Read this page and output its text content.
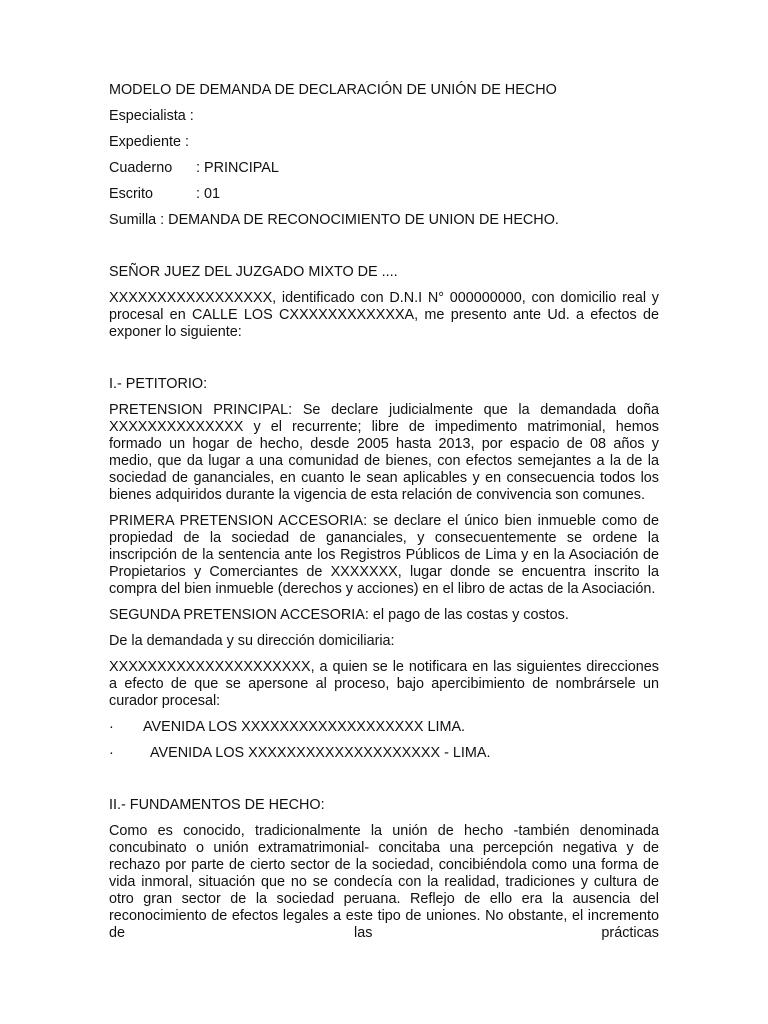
MODELO DE DEMANDA DE DECLARACIÓN DE UNIÓN DE HECHO
Especialista :
Expediente :
Cuaderno	: PRINCIPAL
Escrito	: 01
Sumilla : DEMANDA DE RECONOCIMIENTO DE UNION DE HECHO.
SEÑOR JUEZ DEL JUZGADO MIXTO DE ....

XXXXXXXXXXXXXXXXX, identificado con D.N.I N° 000000000, con domicilio real y procesal en CALLE LOS CXXXXXXXXXXXXA, me presento ante Ud. a efectos de exponer lo siguiente:

I.- PETITORIO:

PRETENSION PRINCIPAL: Se declare judicialmente que la demandada doña XXXXXXXXXXXXXX y el recurrente; libre de impedimento matrimonial, hemos formado un hogar de hecho, desde 2005 hasta 2013, por espacio de 08 años y medio, que da lugar a una comunidad de bienes, con efectos semejantes a la de la sociedad de gananciales, en cuanto le sean aplicables y en consecuencia todos los bienes adquiridos durante la vigencia de esta relación de convivencia son comunes.

PRIMERA PRETENSION ACCESORIA: se declare el único bien inmueble como de propiedad de la sociedad de gananciales, y consecuentemente se ordene la inscripción de la sentencia ante los Registros Públicos de Lima y en la Asociación de Propietarios y Comerciantes de XXXXXXX, lugar donde se encuentra inscrito la compra del bien inmueble (derechos y acciones) en el libro de actas de la Asociación.

SEGUNDA PRETENSION ACCESORIA: el pago de las costas y costos.
De la demandada y su dirección domiciliaria:

XXXXXXXXXXXXXXXXXXXXX, a quien se le notificara en las siguientes direcciones a efecto de que se apersone al proceso, bajo apercibimiento de nombrársele un curador procesal:

·	AVENIDA LOS XXXXXXXXXXXXXXXXXXX LIMA.
·	AVENIDA LOS XXXXXXXXXXXXXXXXXXXX - LIMA.
II.- FUNDAMENTOS DE HECHO:

Como es conocido, tradicionalmente la unión de hecho -también denominada concubinato o unión extramatrimonial- concitaba una percepción negativa y de rechazo por parte de cierto sector de la sociedad, concibiéndola como una forma de vida inmoral, situación que no se condecía con la realidad, tradiciones y cultura de otro gran sector de la sociedad peruana. Reflejo de ello era la ausencia del reconocimiento de efectos legales a este tipo de uniones. No obstante, el incremento de las prácticas
